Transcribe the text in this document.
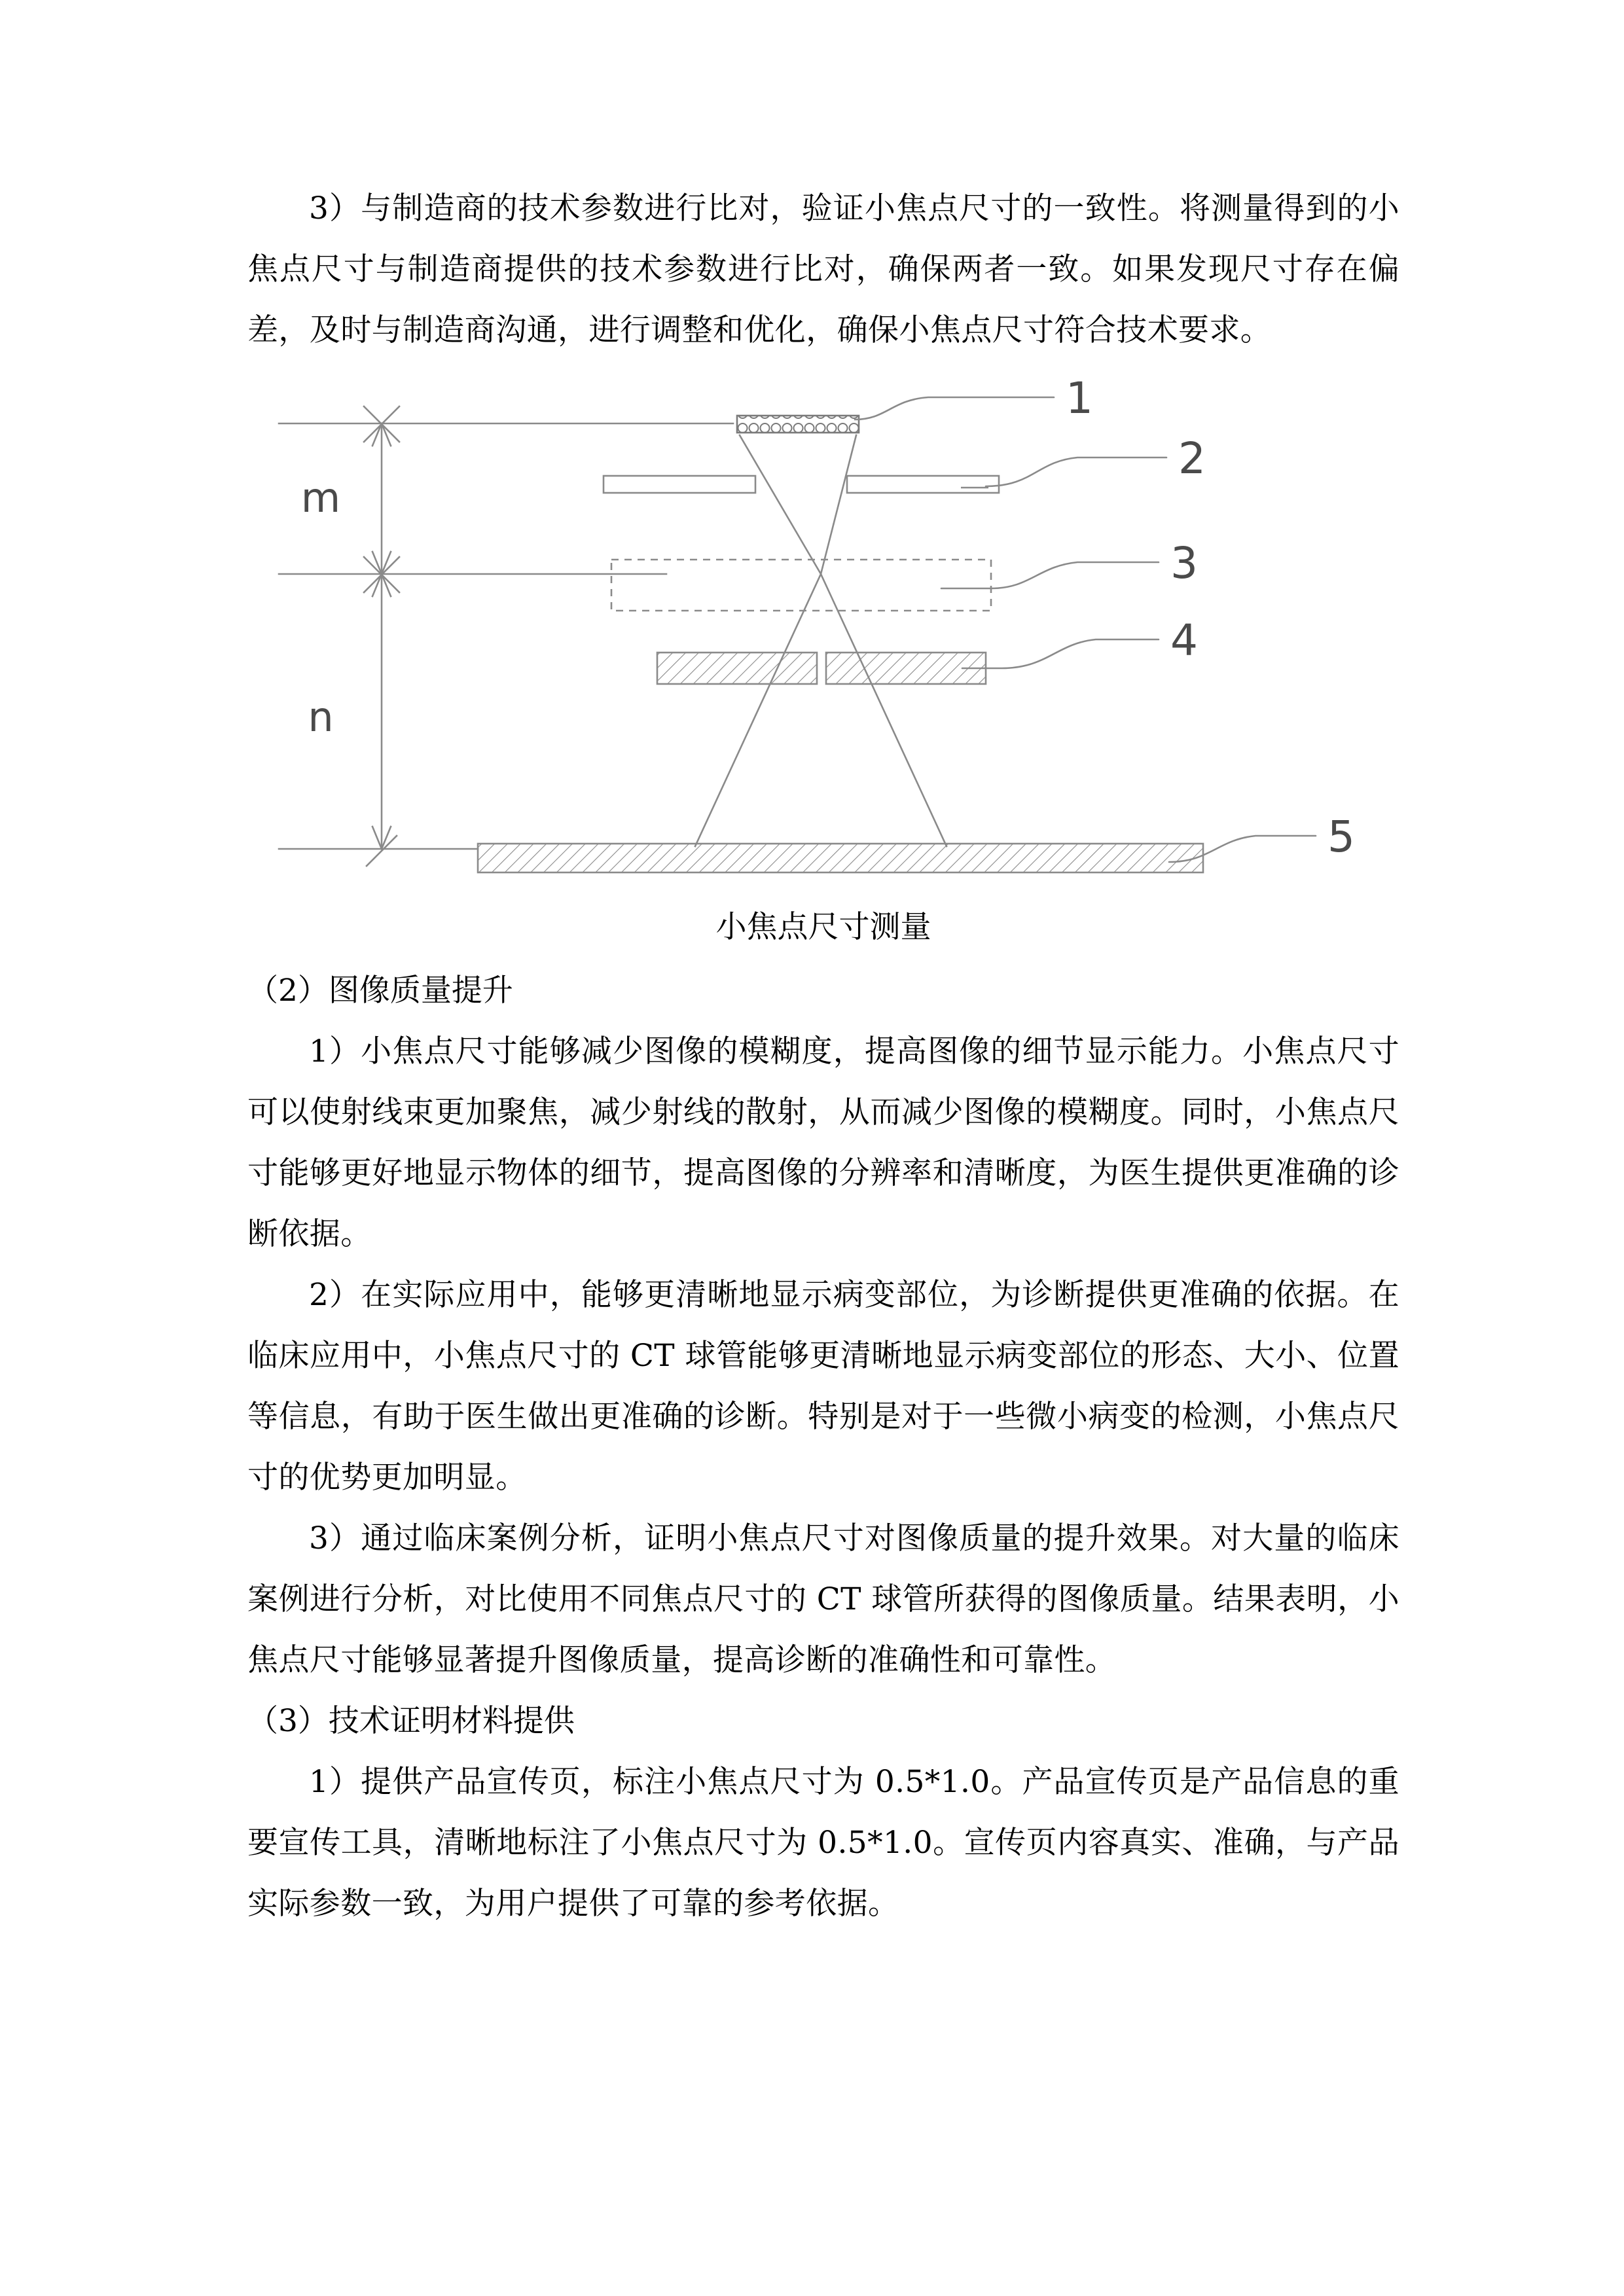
3）与制造商的技术参数进行比对，验证小焦点尺寸的一致性。将测量得到的小焦点尺寸与制造商提供的技术参数进行比对，确保两者一致。如果发现尺寸存在偏差，及时与制造商沟通，进行调整和优化，确保小焦点尺寸符合技术要求。

m
n
1
2
3
4
5
小焦点尺寸测量

（2）图像质量提升

1）小焦点尺寸能够减少图像的模糊度，提高图像的细节显示能力。小焦点尺寸可以使射线束更加聚焦，减少射线的散射，从而减少图像的模糊度。同时，小焦点尺寸能够更好地显示物体的细节，提高图像的分辨率和清晰度，为医生提供更准确的诊断依据。

2）在实际应用中，能够更清晰地显示病变部位，为诊断提供更准确的依据。在临床应用中，小焦点尺寸的 CT 球管能够更清晰地显示病变部位的形态、大小、位置等信息，有助于医生做出更准确的诊断。特别是对于一些微小病变的检测，小焦点尺寸的优势更加明显。

3）通过临床案例分析，证明小焦点尺寸对图像质量的提升效果。对大量的临床案例进行分析，对比使用不同焦点尺寸的 CT 球管所获得的图像质量。结果表明，小焦点尺寸能够显著提升图像质量，提高诊断的准确性和可靠性。

（3）技术证明材料提供

1）提供产品宣传页，标注小焦点尺寸为 0.5*1.0。产品宣传页是产品信息的重要宣传工具，清晰地标注了小焦点尺寸为 0.5*1.0。宣传页内容真实、准确，与产品实际参数一致，为用户提供了可靠的参考依据。
